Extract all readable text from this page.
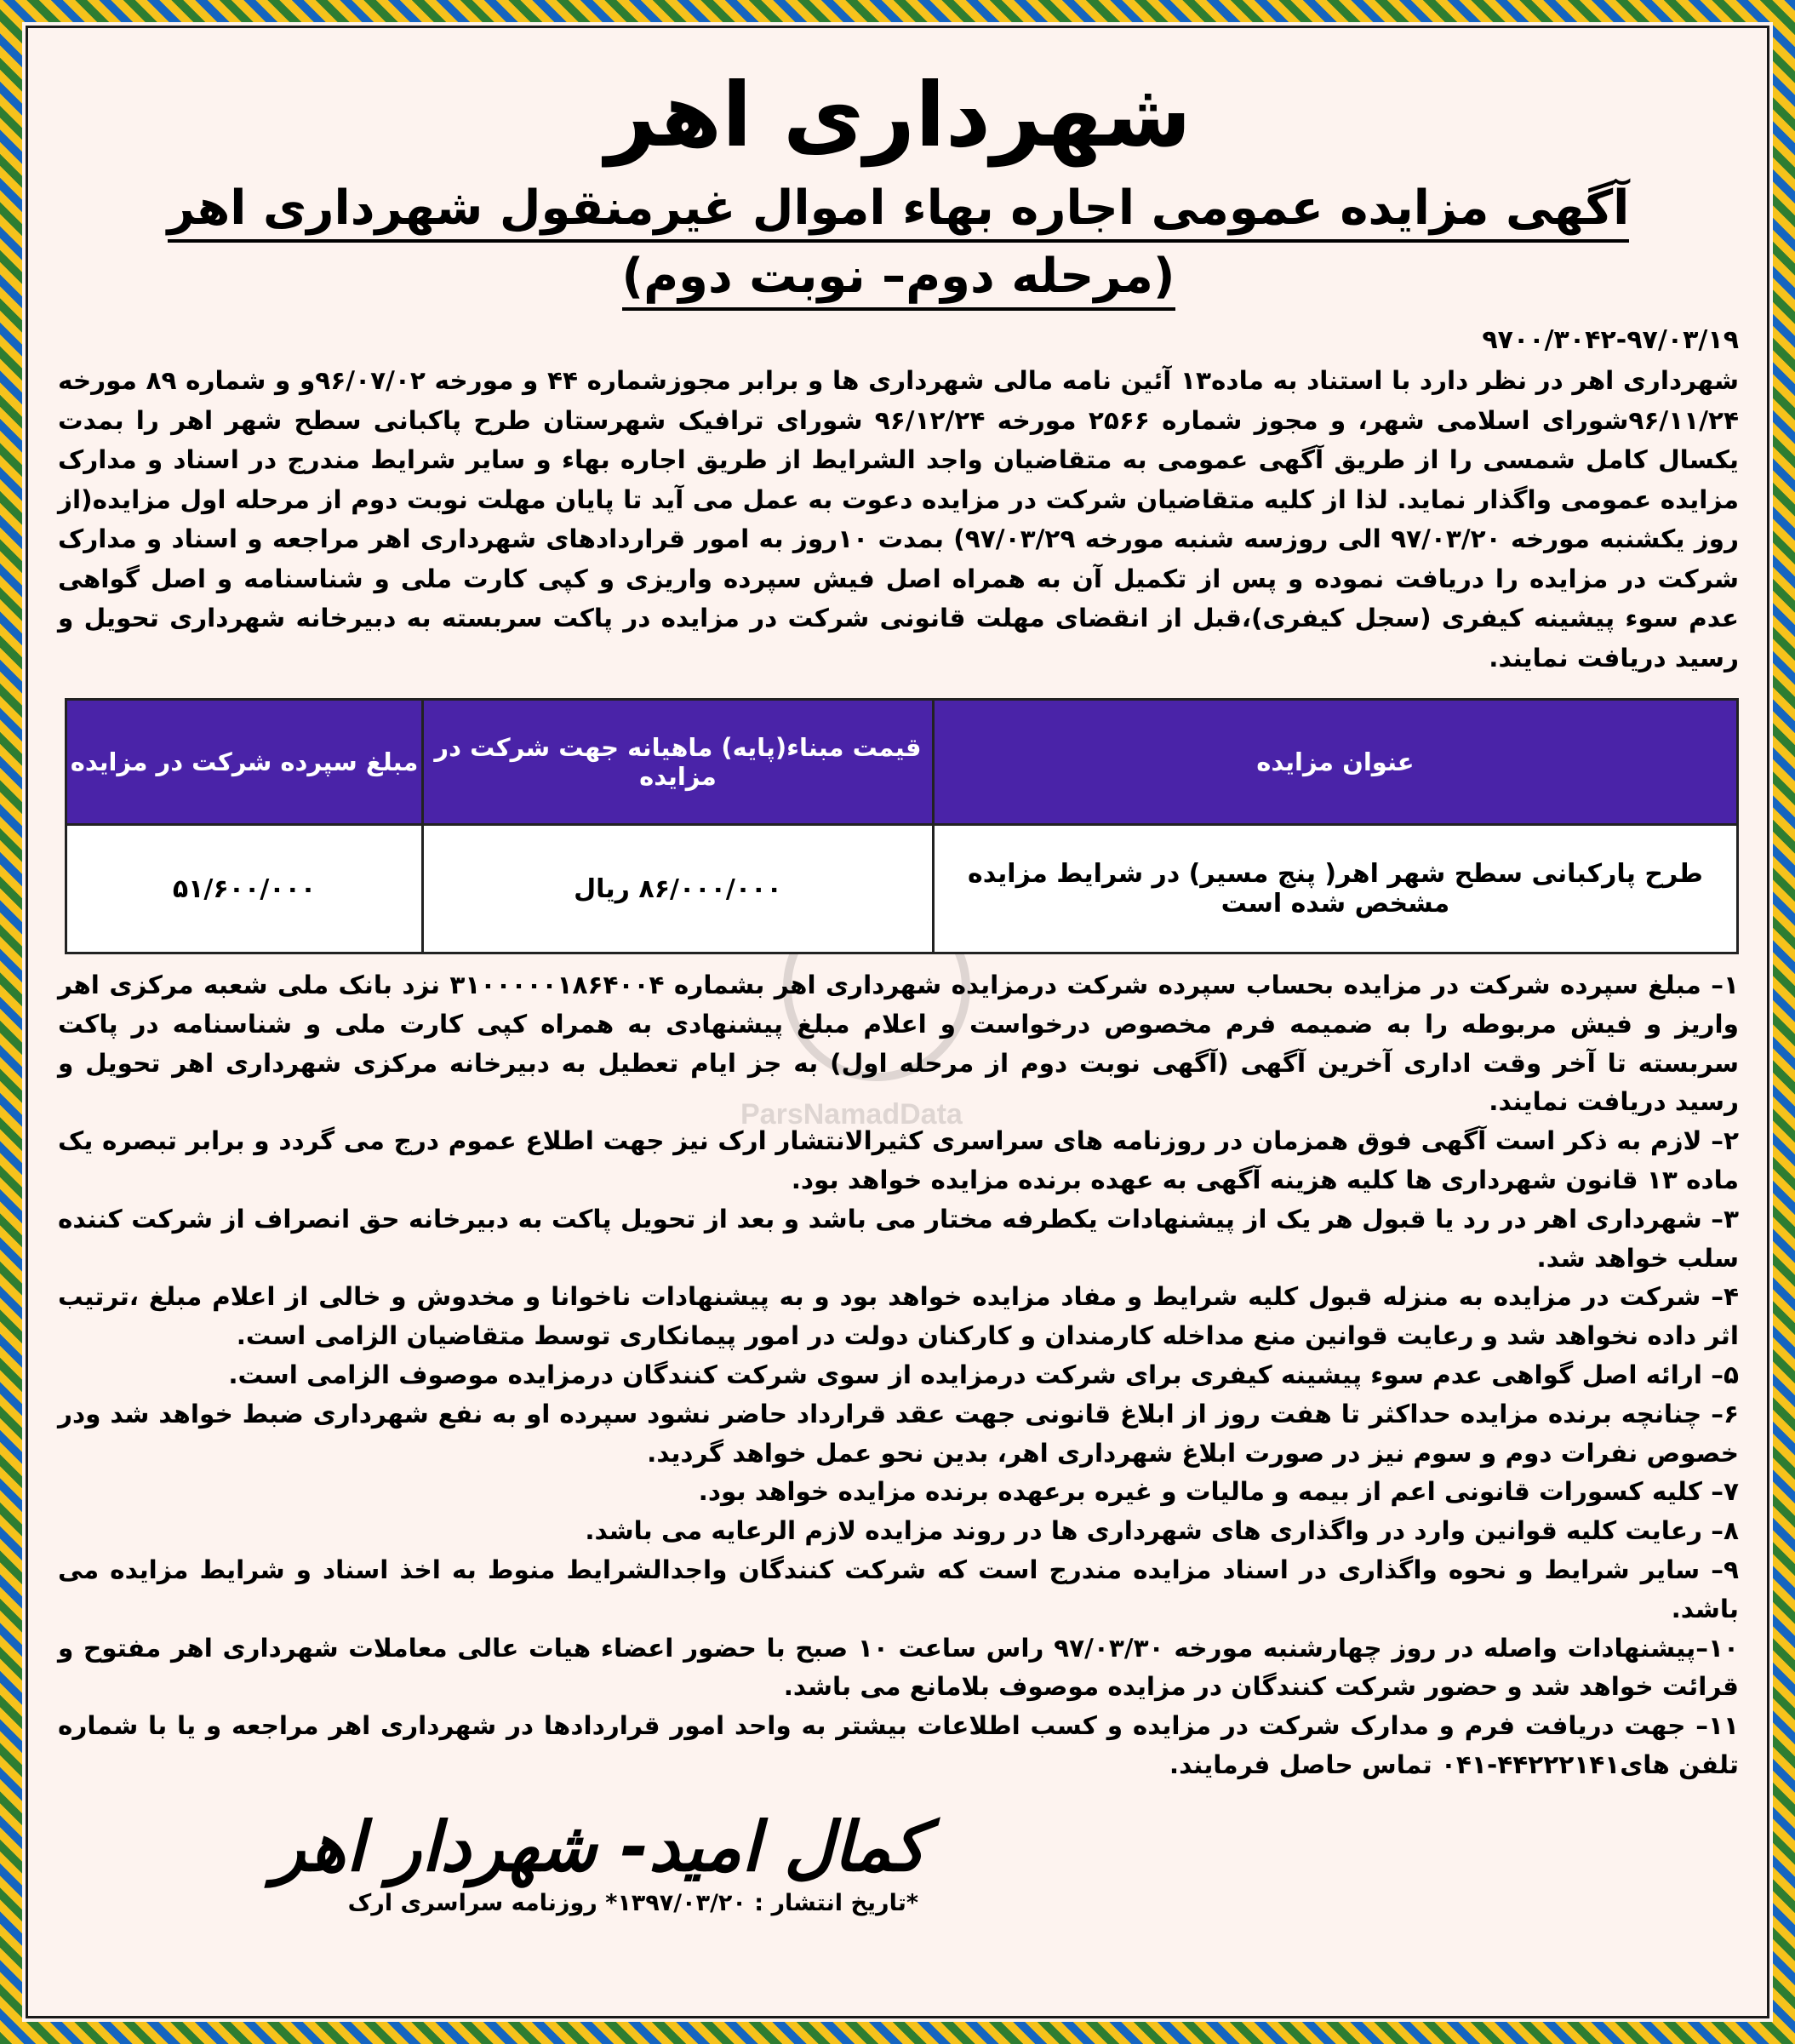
ParsNamadData
شهرداری اهر
آگهی مزایده عمومی اجاره بهاء اموال غیرمنقول شهرداری اهر
(مرحله دوم– نوبت دوم)
۹۷۰۰/۳۰۴۲-۹۷/۰۳/۱۹
شهرداری اهر در نظر دارد با استناد به ماده۱۳ آئین نامه مالی شهرداری ها و برابر مجوزشماره ۴۴ و مورخه ۹۶/۰۷/۰۲و و شماره ۸۹ مورخه ۹۶/۱۱/۲۴شورای اسلامی شهر، و مجوز شماره ۲۵۶۶ مورخه ۹۶/۱۲/۲۴ شورای ترافیک شهرستان طرح پاکبانی سطح شهر اهر را بمدت یکسال کامل شمسی را از طریق آگهی عمومی به متقاضیان واجد الشرایط از طریق اجاره بهاء و سایر شرایط مندرج در اسناد و مدارک مزایده عمومی واگذار نماید. لذا از کلیه متقاضیان شرکت در مزایده دعوت به عمل می آید تا پایان مهلت نوبت دوم از مرحله اول مزایده(از روز یکشنبه مورخه ۹۷/۰۳/۲۰ الی روزسه شنبه مورخه ۹۷/۰۳/۲۹) بمدت ۱۰روز به امور قراردادهای شهرداری اهر مراجعه و اسناد و مدارک شرکت در مزایده را دریافت نموده و پس از تکمیل آن به همراه اصل فیش سپرده واریزی و کپی کارت ملی و شناسنامه و اصل گواهی عدم سوء پیشینه کیفری (سجل کیفری)،قبل از انقضای مهلت قانونی شرکت در مزایده در پاکت سربسته به دبیرخانه شهرداری تحویل و رسید دریافت نمایند.
عنوان مزایده	قیمت مبناء(پایه) ماهیانه جهت شرکت در مزایده	مبلغ سپرده شرکت در مزایده
طرح پارکبانی سطح شهر اهر( پنج مسیر) در شرایط مزایده مشخص شده است	۸۶/۰۰۰/۰۰۰ ریال	۵۱/۶۰۰/۰۰۰
۱– مبلغ سپرده شرکت در مزایده بحساب سپرده شرکت درمزایده شهرداری اهر بشماره ۳۱۰۰۰۰۰۱۸۶۴۰۰۴ نزد بانک ملی شعبه مرکزی اهر واریز و فیش مربوطه را به ضمیمه فرم مخصوص درخواست و اعلام مبلغ پیشنهادی به همراه کپی کارت ملی و شناسنامه در پاکت سربسته تا آخر وقت اداری آخرین آگهی (آگهی نوبت دوم از مرحله اول) به جز ایام تعطیل به دبیرخانه مرکزی شهرداری اهر تحویل و رسید دریافت نمایند.
۲– لازم به ذکر است آگهی فوق همزمان در روزنامه های سراسری کثیرالانتشار ارک نیز جهت اطلاع عموم درج می گردد و برابر تبصره یک ماده ۱۳ قانون شهرداری ها کلیه هزینه آگهی به عهده برنده مزایده خواهد بود.
۳– شهرداری اهر در رد یا قبول هر یک از پیشنهادات یکطرفه مختار می باشد و بعد از تحویل پاکت به دبیرخانه حق انصراف از شرکت کننده سلب خواهد شد.
۴– شرکت در مزایده به منزله قبول کلیه شرایط و مفاد مزایده خواهد بود و به پیشنهادات ناخوانا و مخدوش و خالی از اعلام مبلغ ،ترتیب اثر داده نخواهد شد و رعایت قوانین منع مداخله کارمندان و کارکنان دولت در امور پیمانکاری توسط متقاضیان الزامی است.
۵– ارائه اصل گواهی عدم سوء پیشینه کیفری برای شرکت درمزایده از سوی شرکت کنندگان درمزایده موصوف الزامی است.
۶– چنانچه برنده مزایده حداکثر تا هفت روز از ابلاغ قانونی جهت عقد قرارداد حاضر نشود سپرده او به نفع شهرداری ضبط خواهد شد ودر خصوص نفرات دوم و سوم نیز در صورت ابلاغ شهرداری اهر، بدین نحو عمل خواهد گردید.
۷– کلیه کسورات قانونی اعم از بیمه و مالیات و غیره برعهده برنده مزایده خواهد بود.
۸– رعایت کلیه قوانین وارد در واگذاری های شهرداری ها در روند مزایده لازم الرعایه می باشد.
۹– سایر شرایط و نحوه واگذاری در اسناد مزایده مندرج است که شرکت کنندگان واجدالشرایط منوط به اخذ اسناد و شرایط مزایده می باشد.
۱۰–پیشنهادات واصله در روز چهارشنبه مورخه ۹۷/۰۳/۳۰ راس ساعت ۱۰ صبح با حضور اعضاء هیات عالی معاملات شهرداری اهر مفتوح و قرائت خواهد شد و حضور شرکت کنندگان در مزایده موصوف بلامانع می باشد.
۱۱– جهت دریافت فرم و مدارک شرکت در مزایده و کسب اطلاعات بیشتر به واحد امور قراردادها در شهرداری اهر مراجعه و یا با شماره تلفن های۴۴۲۲۲۱۴۱-۰۴۱ تماس حاصل فرمایند.
کمال امید- شهردار اهر
*تاریخ انتشار : ۱۳۹۷/۰۳/۲۰* روزنامه سراسری ارک
